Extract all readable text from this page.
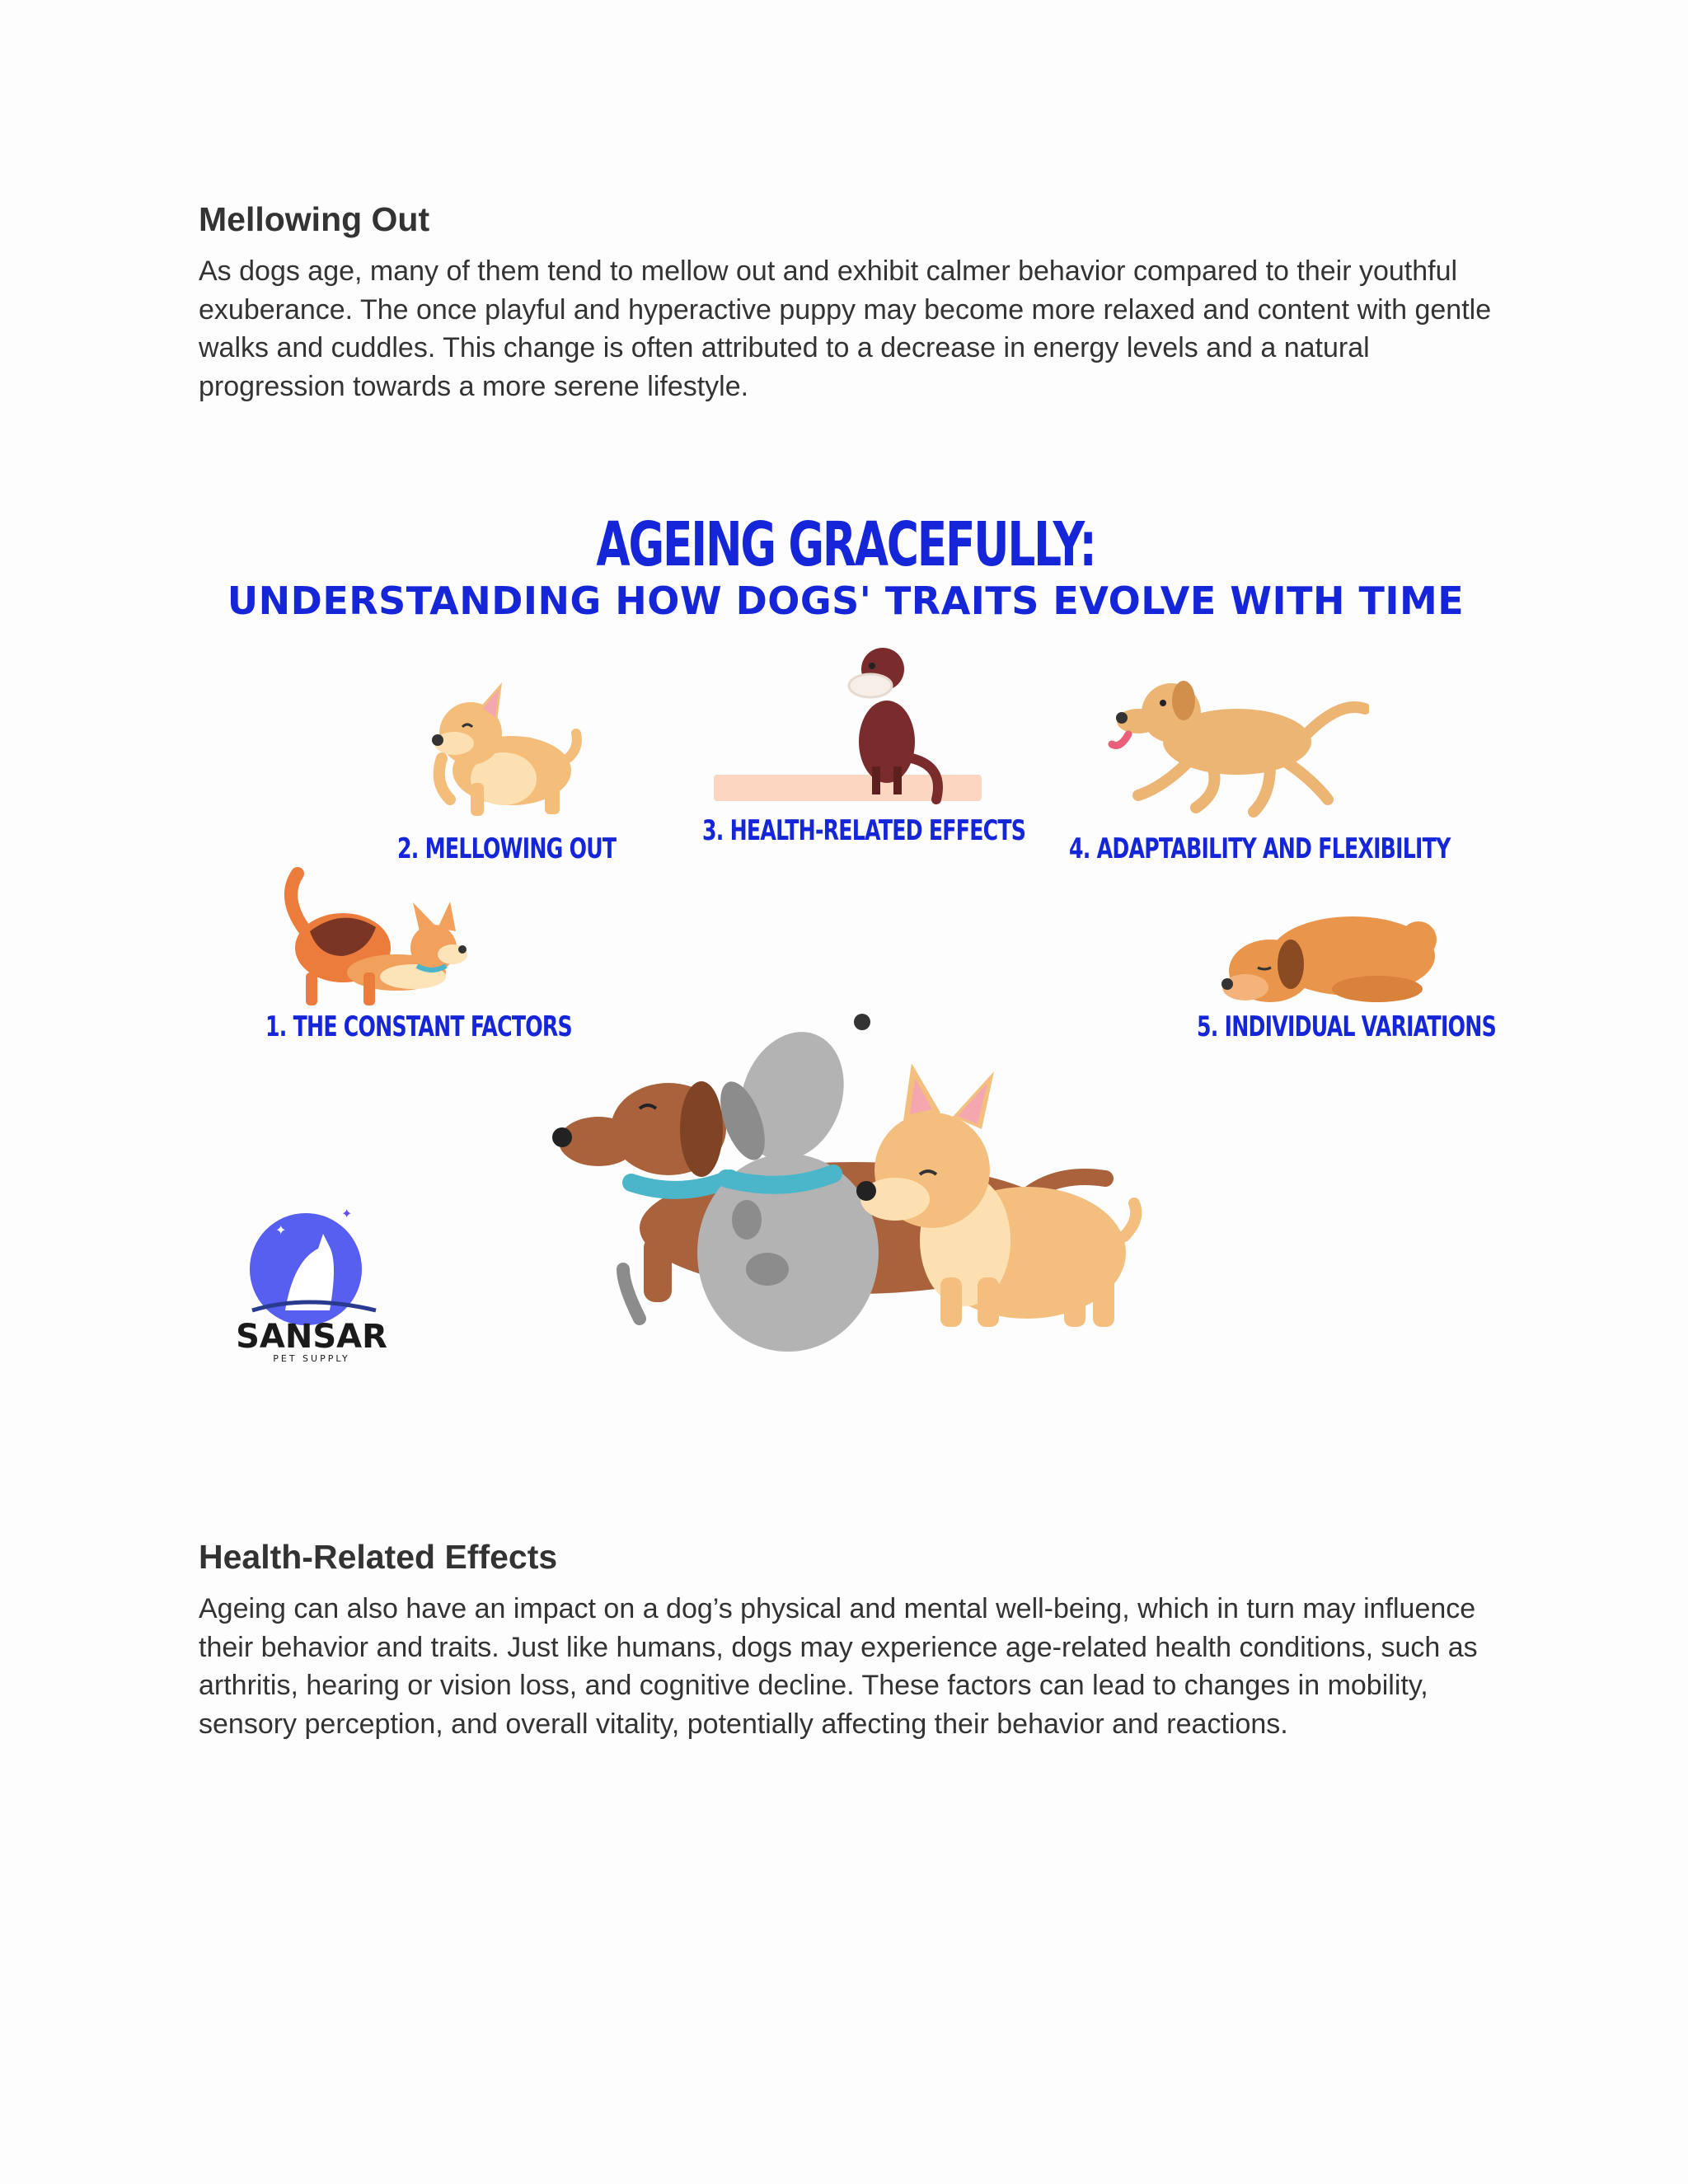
Mellowing Out

As dogs age, many of them tend to mellow out and exhibit calmer behavior compared to their youthful exuberance. The once playful and hyperactive puppy may become more relaxed and content with gentle walks and cuddles. This change is often attributed to a decrease in energy levels and a natural progression towards a more serene lifestyle.

AGEING GRACEFULLY:
UNDERSTANDING HOW DOGS' TRAITS EVOLVE WITH TIME
2. MELLOWING OUT
3. HEALTH-RELATED EFFECTS
4. ADAPTABILITY AND FLEXIBILITY
1. THE CONSTANT FACTORS	5. INDIVIDUAL VARIATIONS
✦
✦
SANSAR
PET SUPPLY
Health-Related Effects

Ageing can also have an impact on a dog’s physical and mental well-being, which in turn may influence their behavior and traits. Just like humans, dogs may experience age-related health conditions, such as arthritis, hearing or vision loss, and cognitive decline. These factors can lead to changes in mobility, sensory perception, and overall vitality, potentially affecting their behavior and reactions.
